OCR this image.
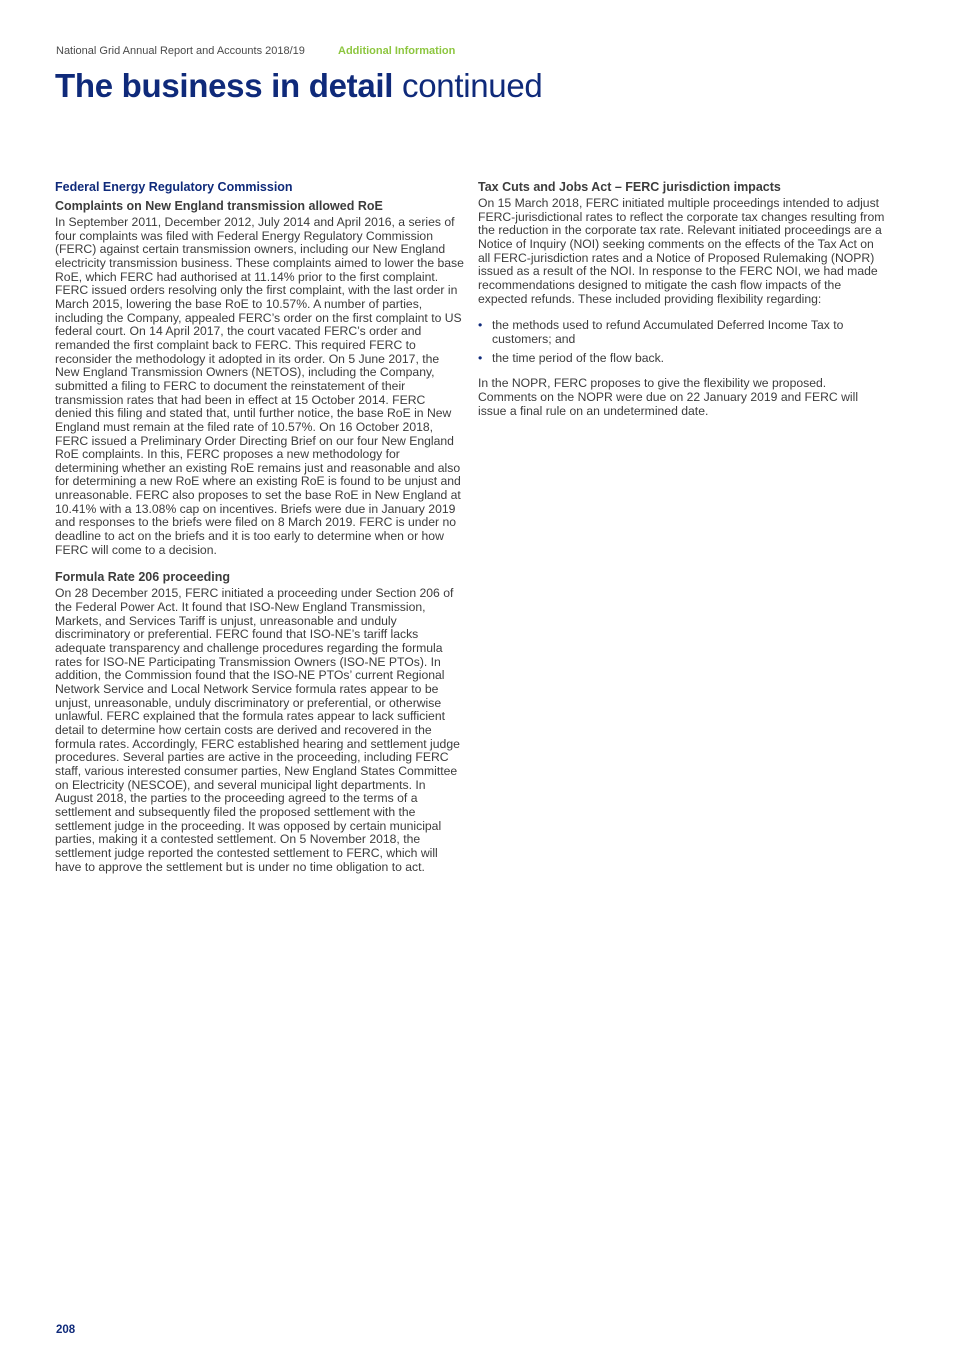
National Grid Annual Report and Accounts 2018/19	Additional Information
The business in detail continued
Federal Energy Regulatory Commission
Complaints on New England transmission allowed RoE

In September 2011, December 2012, July 2014 and April 2016, a series of four complaints was filed with Federal Energy Regulatory Commission (FERC) against certain transmission owners, including our New England electricity transmission business. These complaints aimed to lower the base RoE, which FERC had authorised at 11.14% prior to the first complaint. FERC issued orders resolving only the first complaint, with the last order in March 2015, lowering the base RoE to 10.57%. A number of parties, including the Company, appealed FERC’s order on the first complaint to US federal court. On 14 April 2017, the court vacated FERC’s order and remanded the first complaint back to FERC. This required FERC to reconsider the methodology it adopted in its order. On 5 June 2017, the New England Transmission Owners (NETOS), including the Company, submitted a filing to FERC to document the reinstatement of their transmission rates that had been in effect at 15 October 2014. FERC denied this filing and stated that, until further notice, the base RoE in New England must remain at the filed rate of 10.57%. On 16 October 2018, FERC issued a Preliminary Order Directing Brief on our four New England RoE complaints. In this, FERC proposes a new methodology for determining whether an existing RoE remains just and reasonable and also for determining a new RoE where an existing RoE is found to be unjust and unreasonable. FERC also proposes to set the base RoE in New England at 10.41% with a 13.08% cap on incentives. Briefs were due in January 2019 and responses to the briefs were filed on 8 March 2019. FERC is under no deadline to act on the briefs and it is too early to determine when or how FERC will come to a decision.

Formula Rate 206 proceeding

On 28 December 2015, FERC initiated a proceeding under Section 206 of the Federal Power Act. It found that ISO-New England Transmission, Markets, and Services Tariff is unjust, unreasonable and unduly discriminatory or preferential. FERC found that ISO-NE’s tariff lacks adequate transparency and challenge procedures regarding the formula rates for ISO-NE Participating Transmission Owners (ISO-NE PTOs). In addition, the Commission found that the ISO-NE PTOs’ current Regional Network Service and Local Network Service formula rates appear to be unjust, unreasonable, unduly discriminatory or preferential, or otherwise unlawful. FERC explained that the formula rates appear to lack sufficient detail to determine how certain costs are derived and recovered in the formula rates. Accordingly, FERC established hearing and settlement judge procedures. Several parties are active in the proceeding, including FERC staff, various interested consumer parties, New England States Committee on Electricity (NESCOE), and several municipal light departments. In August 2018, the parties to the proceeding agreed to the terms of a settlement and subsequently filed the proposed settlement with the settlement judge in the proceeding. It was opposed by certain municipal parties, making it a contested settlement. On 5 November 2018, the settlement judge reported the contested settlement to FERC, which will have to approve the settlement but is under no time obligation to act.

Tax Cuts and Jobs Act – FERC jurisdiction impacts

On 15 March 2018, FERC initiated multiple proceedings intended to adjust FERC-jurisdictional rates to reflect the corporate tax changes resulting from the reduction in the corporate tax rate. Relevant initiated proceedings are a Notice of Inquiry (NOI) seeking comments on the effects of the Tax Act on all FERC-jurisdiction rates and a Notice of Proposed Rulemaking (NOPR) issued as a result of the NOI. In response to the FERC NOI, we had made recommendations designed to mitigate the cash flow impacts of the expected refunds. These included providing flexibility regarding:

• the methods used to refund Accumulated Deferred Income Tax to customers; and
• the time period of the flow back.

In the NOPR, FERC proposes to give the flexibility we proposed. Comments on the NOPR were due on 22 January 2019 and FERC will issue a final rule on an undetermined date.

208
